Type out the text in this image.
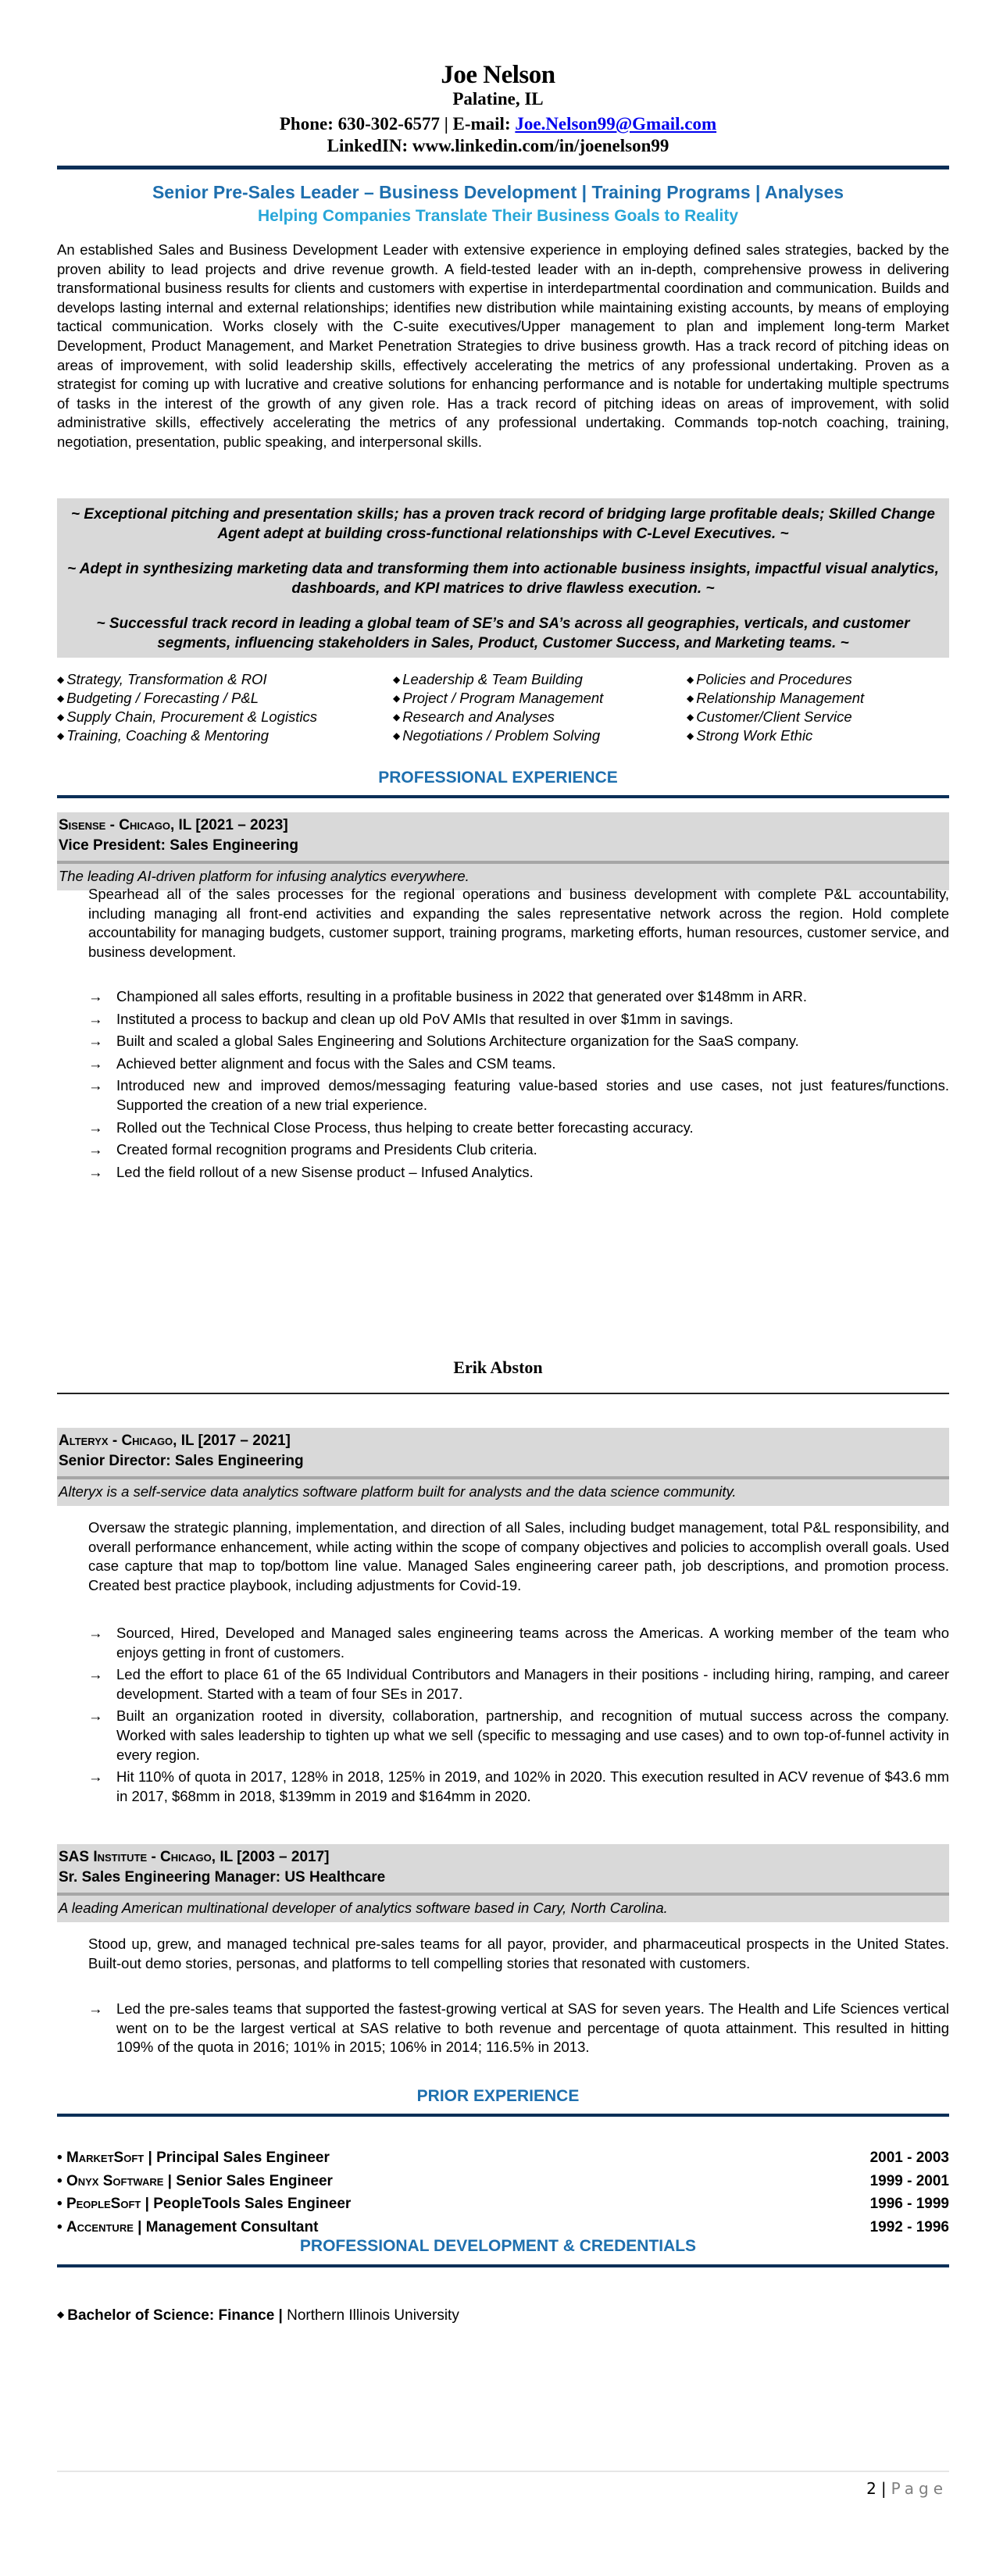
Joe Nelson
Palatine, IL
Phone: 630-302-6577 | E-mail: Joe.Nelson99@Gmail.com
LinkedIN: www.linkedin.com/in/joenelson99
Senior Pre-Sales Leader – Business Development | Training Programs | Analyses
Helping Companies Translate Their Business Goals to Reality
An established Sales and Business Development Leader with extensive experience in employing defined sales strategies, backed by the proven ability to lead projects and drive revenue growth. A field-tested leader with an in-depth, comprehensive prowess in delivering transformational business results for clients and customers with expertise in interdepartmental coordination and communication. Builds and develops lasting internal and external relationships; identifies new distribution while maintaining existing accounts, by means of employing tactical communication. Works closely with the C-suite executives/Upper management to plan and implement long-term Market Development, Product Management, and Market Penetration Strategies to drive business growth. Has a track record of pitching ideas on areas of improvement, with solid leadership skills, effectively accelerating the metrics of any professional undertaking. Proven as a strategist for coming up with lucrative and creative solutions for enhancing performance and is notable for undertaking multiple spectrums of tasks in the interest of the growth of any given role. Has a track record of pitching ideas on areas of improvement, with solid administrative skills, effectively accelerating the metrics of any professional undertaking. Commands top-notch coaching, training, negotiation, presentation, public speaking, and interpersonal skills.

~ Exceptional pitching and presentation skills; has a proven track record of bridging large profitable deals; Skilled Change Agent adept at building cross-functional relationships with C-Level Executives. ~

~ Adept in synthesizing marketing data and transforming them into actionable business insights, impactful visual analytics, dashboards, and KPI matrices to drive flawless execution. ~

~ Successful track record in leading a global team of SE’s and SA’s across all geographies, verticals, and customer segments, influencing stakeholders in Sales, Product, Customer Success, and Marketing teams. ~

◆ Strategy, Transformation & ROI
◆ Budgeting / Forecasting / P&L
◆ Supply Chain, Procurement & Logistics
◆ Training, Coaching & Mentoring
◆ Leadership & Team Building
◆ Project / Program Management
◆ Research and Analyses
◆ Negotiations / Problem Solving
◆ Policies and Procedures
◆ Relationship Management
◆ Customer/Client Service
◆ Strong Work Ethic
PROFESSIONAL EXPERIENCE
Sisense - Chicago, IL [2021 – 2023]
Vice President: Sales Engineering
The leading AI-driven platform for infusing analytics everywhere.
Spearhead all of the sales processes for the regional operations and business development with complete P&L accountability, including managing all front-end activities and expanding the sales representative network across the region. Hold complete accountability for managing budgets, customer support, training programs, marketing efforts, human resources, customer service, and business development.
→ Championed all sales efforts, resulting in a profitable business in 2022 that generated over $148mm in ARR.
→ Instituted a process to backup and clean up old PoV AMIs that resulted in over $1mm in savings.
→ Built and scaled a global Sales Engineering and Solutions Architecture organization for the SaaS company.
→ Achieved better alignment and focus with the Sales and CSM teams.
→ Introduced new and improved demos/messaging featuring value-based stories and use cases, not just features/functions. Supported the creation of a new trial experience.
→ Rolled out the Technical Close Process, thus helping to create better forecasting accuracy.
→ Created formal recognition programs and Presidents Club criteria.
→ Led the field rollout of a new Sisense product – Infused Analytics.
Erik Abston
Alteryx - Chicago, IL [2017 – 2021]
Senior Director: Sales Engineering
Alteryx is a self-service data analytics software platform built for analysts and the data science community.
Oversaw the strategic planning, implementation, and direction of all Sales, including budget management, total P&L responsibility, and overall performance enhancement, while acting within the scope of company objectives and policies to accomplish overall goals. Used case capture that map to top/bottom line value. Managed Sales engineering career path, job descriptions, and promotion process. Created best practice playbook, including adjustments for Covid-19.
→ Sourced, Hired, Developed and Managed sales engineering teams across the Americas. A working member of the team who enjoys getting in front of customers.
→ Led the effort to place 61 of the 65 Individual Contributors and Managers in their positions - including hiring, ramping, and career development. Started with a team of four SEs in 2017.
→ Built an organization rooted in diversity, collaboration, partnership, and recognition of mutual success across the company. Worked with sales leadership to tighten up what we sell (specific to messaging and use cases) and to own top-of-funnel activity in every region.
→ Hit 110% of quota in 2017, 128% in 2018, 125% in 2019, and 102% in 2020. This execution resulted in ACV revenue of $43.6 mm in 2017, $68mm in 2018, $139mm in 2019 and $164mm in 2020.
SAS Institute - Chicago, IL [2003 – 2017]
Sr. Sales Engineering Manager: US Healthcare
A leading American multinational developer of analytics software based in Cary, North Carolina.
Stood up, grew, and managed technical pre-sales teams for all payor, provider, and pharmaceutical prospects in the United States. Built-out demo stories, personas, and platforms to tell compelling stories that resonated with customers.
→ Led the pre-sales teams that supported the fastest-growing vertical at SAS for seven years. The Health and Life Sciences vertical went on to be the largest vertical at SAS relative to both revenue and percentage of quota attainment. This resulted in hitting 109% of the quota in 2016; 101% in 2015; 106% in 2014; 116.5% in 2013.
PRIOR EXPERIENCE
• MarketSoft | Principal Sales Engineer	2001 - 2003
• Onyx Software | Senior Sales Engineer	1999 - 2001
• PeopleSoft | PeopleTools Sales Engineer	1996 - 1999
• Accenture | Management Consultant	1992 - 1996
PROFESSIONAL DEVELOPMENT & CREDENTIALS
◆ Bachelor of Science: Finance | Northern Illinois University
2 | Page
